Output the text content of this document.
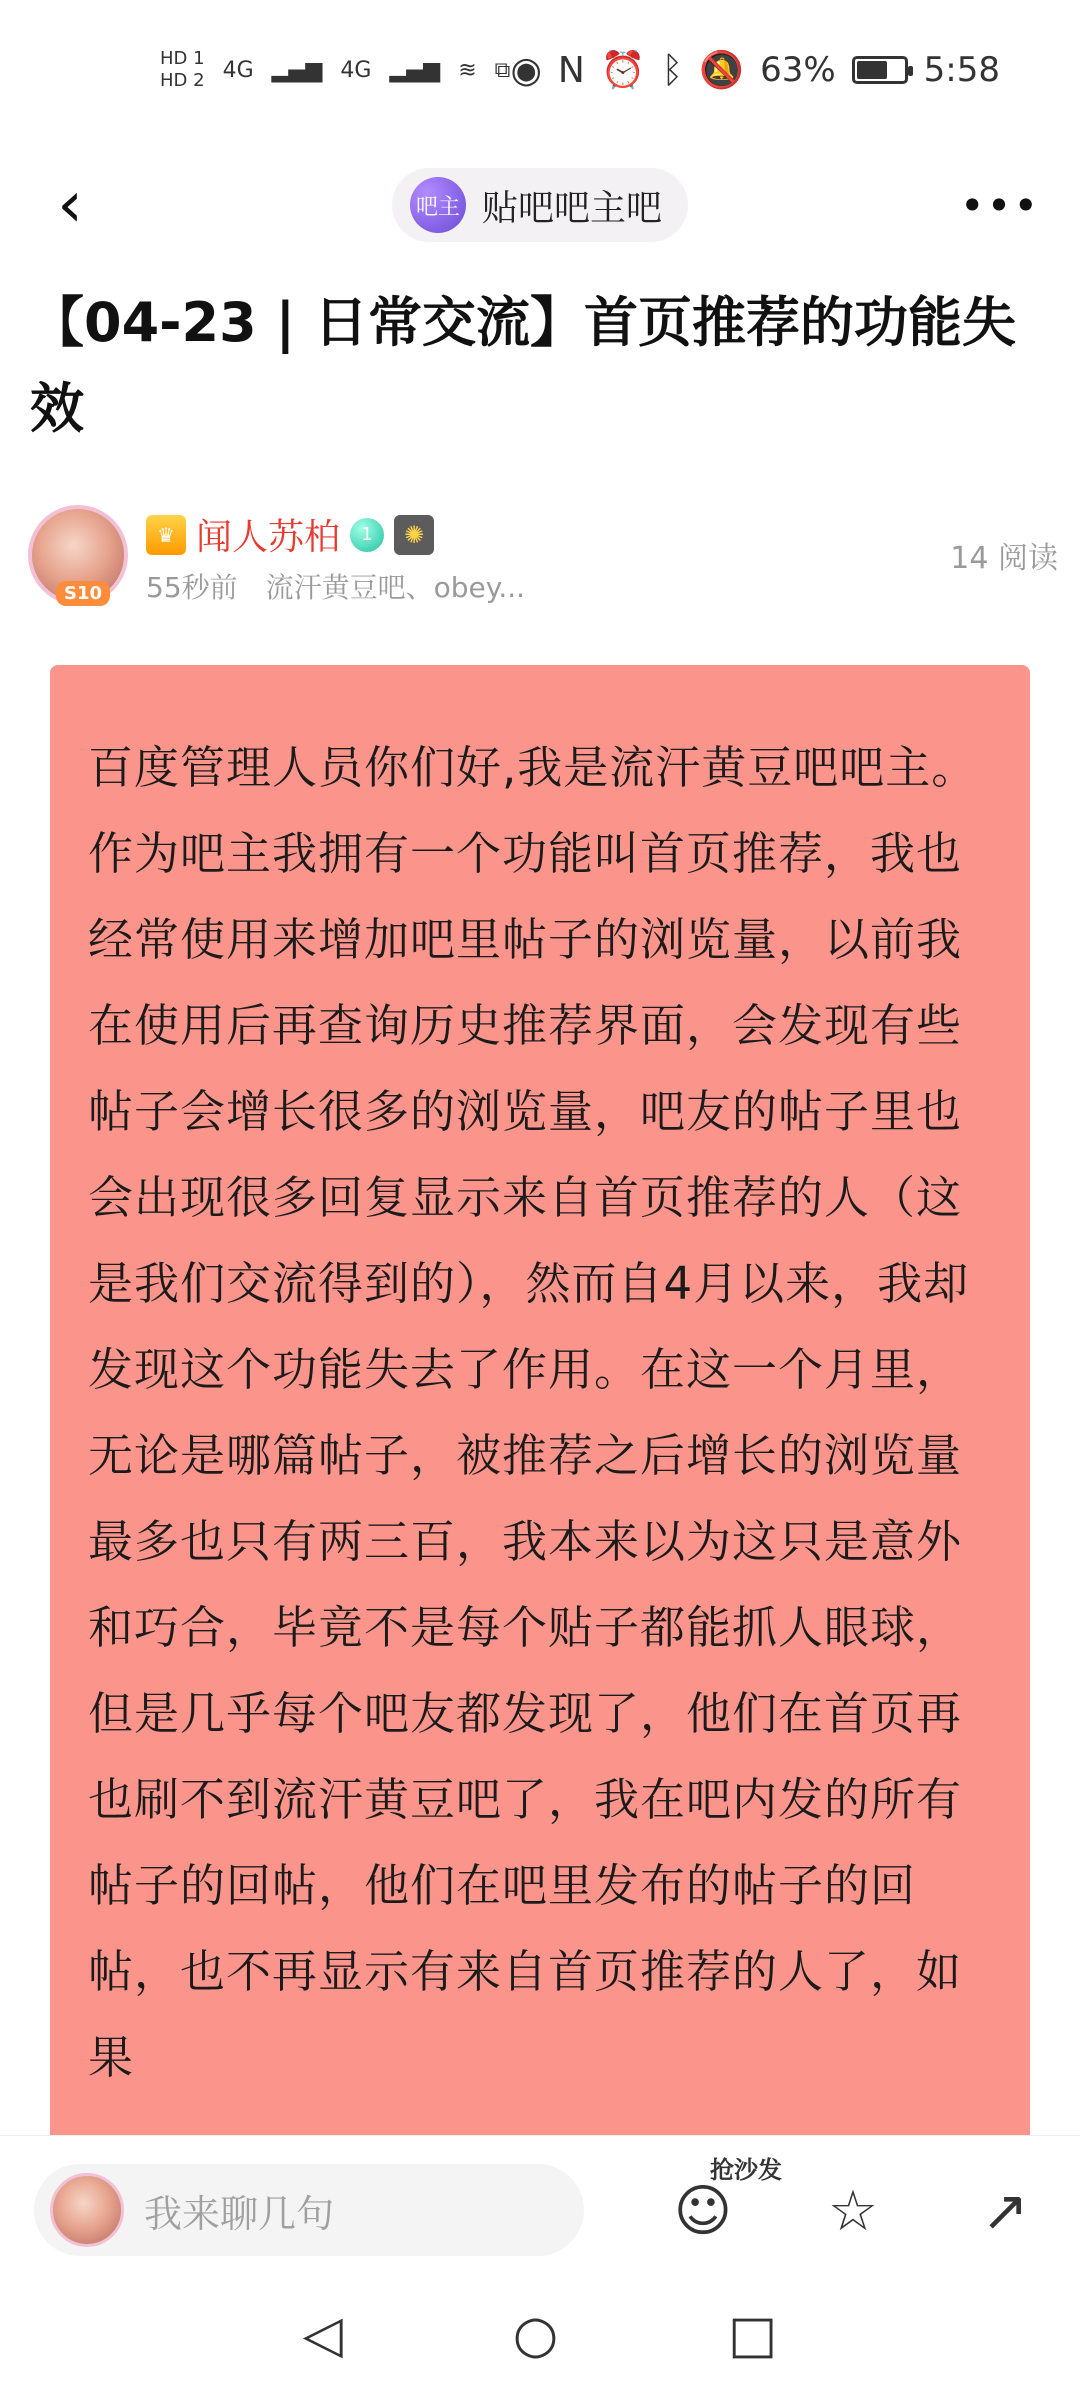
HD 1
HD 2 4G ▂▄▆ 4G ▂▄▆ ≋ ⧉ ◉ N ⏰ ᛒ 🔕 63%	5:58
‹	吧主 贴吧吧主吧	•••
【04-23 | 日常交流】首页推荐的功能失效
S10
♛ 闻人苏柏 1	✺
55秒前 流汗黄豆吧、obey...
14 阅读
百度管理人员你们好,我是流汗黄豆吧吧主。作为吧主我拥有一个功能叫首页推荐，我也经常使用来增加吧里帖子的浏览量，以前我在使用后再查询历史推荐界面，会发现有些帖子会增长很多的浏览量，吧友的帖子里也会出现很多回复显示来自首页推荐的人（这是我们交流得到的），然而自4月以来，我却发现这个功能失去了作用。在这一个月里，无论是哪篇帖子，被推荐之后增长的浏览量最多也只有两三百，我本来以为这只是意外和巧合，毕竟不是每个贴子都能抓人眼球，但是几乎每个吧友都发现了，他们在首页再也刷不到流汗黄豆吧了，我在吧内发的所有帖子的回帖，他们在吧里发布的帖子的回帖，也不再显示有来自首页推荐的人了，如果
我来聊几句
抢沙发
☺ ☆ ↗
◁	○	□
